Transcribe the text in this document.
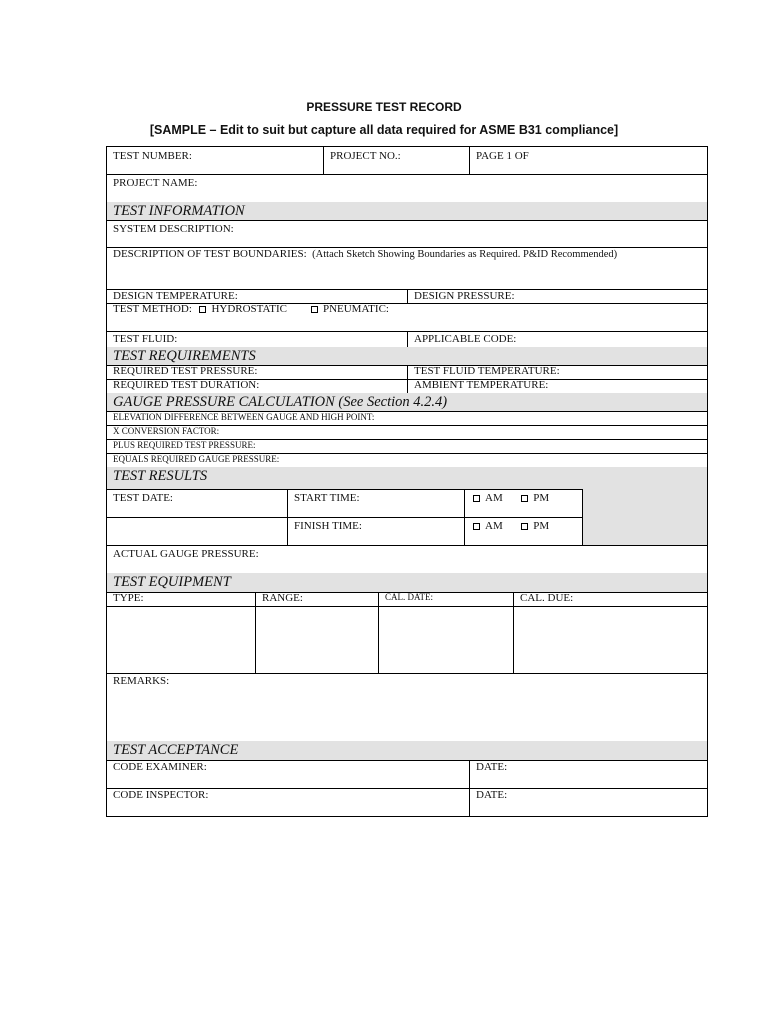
PRESSURE TEST RECORD
[SAMPLE – Edit to suit but capture all data required for ASME B31 compliance]
TEST NUMBER:	PROJECT NO.:	PAGE 1 OF
PROJECT NAME:
TEST INFORMATION
SYSTEM DESCRIPTION:
DESCRIPTION OF TEST BOUNDARIES: (Attach Sketch Showing Boundaries as Required. P&ID Recommended)
DESIGN TEMPERATURE:	DESIGN PRESSURE:
TEST METHOD: HYDROSTATIC	PNEUMATIC:
TEST FLUID:	APPLICABLE CODE:
TEST REQUIREMENTS
REQUIRED TEST PRESSURE:	TEST FLUID TEMPERATURE:
REQUIRED TEST DURATION:	AMBIENT TEMPERATURE:
GAUGE PRESSURE CALCULATION (See Section 4.2.4)
ELEVATION DIFFERENCE BETWEEN GAUGE AND HIGH POINT:
X CONVERSION FACTOR:
PLUS REQUIRED TEST PRESSURE:
EQUALS REQUIRED GAUGE PRESSURE:
TEST RESULTS
TEST DATE:	START TIME:	AM	PM
FINISH TIME:	AM	PM
ACTUAL GAUGE PRESSURE:
TEST EQUIPMENT
TYPE:	RANGE:	CAL. DATE:	CAL. DUE:
REMARKS:
TEST ACCEPTANCE
CODE EXAMINER:	DATE:
CODE INSPECTOR:	DATE:
